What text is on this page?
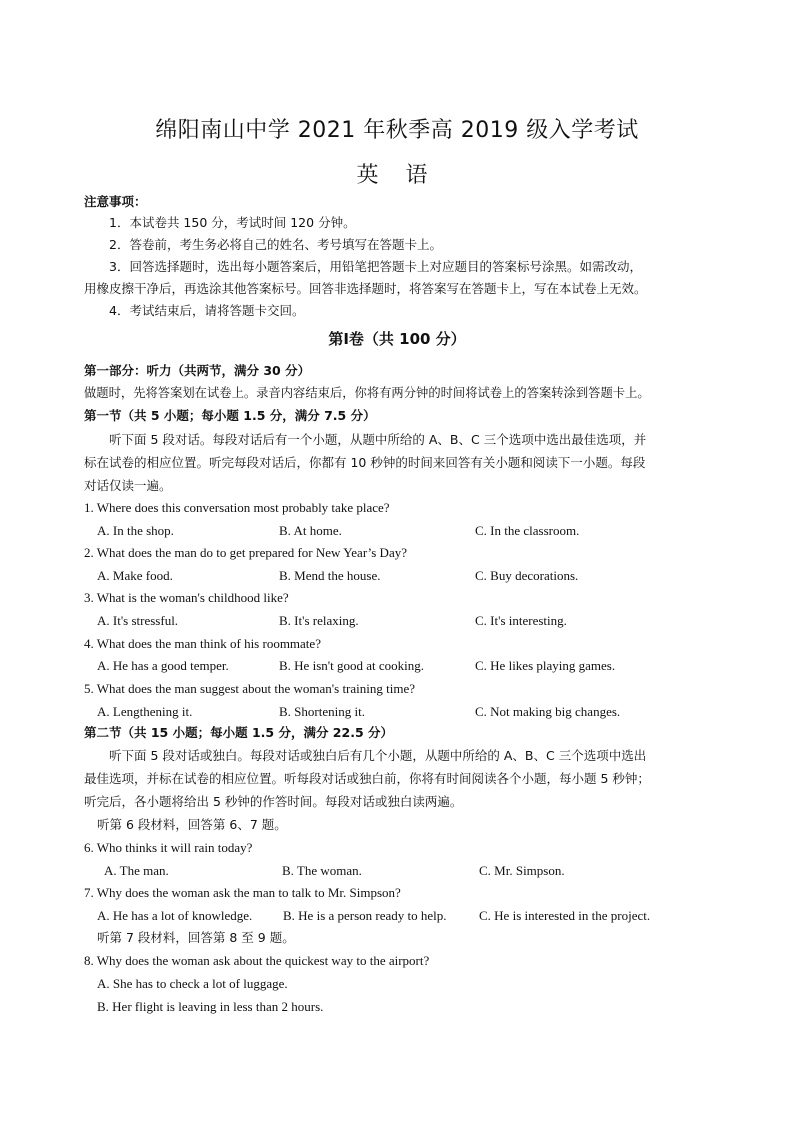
绵阳南山中学 2021 年秋季高 2019 级入学考试
英 语
注意事项：
1．本试卷共 150 分，考试时间 120 分钟。
2．答卷前，考生务必将自己的姓名、考号填写在答题卡上。
3．回答选择题时，选出每小题答案后，用铅笔把答题卡上对应题目的答案标号涂黑。如需改动，
用橡皮擦干净后，再选涂其他答案标号。回答非选择题时，将答案写在答题卡上，写在本试卷上无效。
4．考试结束后，请将答题卡交回。
第Ⅰ卷（共 100 分）
第一部分：听力（共两节，满分 30 分）
做题时，先将答案划在试卷上。录音内容结束后，你将有两分钟的时间将试卷上的答案转涂到答题卡上。
第一节（共 5 小题；每小题 1.5 分，满分 7.5 分）
听下面 5 段对话。每段对话后有一个小题，从题中所给的 A、B、C 三个选项中选出最佳选项，并
标在试卷的相应位置。听完每段对话后，你都有 10 秒钟的时间来回答有关小题和阅读下一小题。每段
对话仅读一遍。
1. Where does this conversation most probably take place?
A. In the shop.	B. At home.	C. In the classroom.
2. What does the man do to get prepared for New Year’s Day?
A. Make food.	B. Mend the house.	C. Buy decorations.
3. What is the woman's childhood like?
A. It's stressful.	B. It's relaxing.	C. It's interesting.
4. What does the man think of his roommate?
A. He has a good temper.	B. He isn't good at cooking.	C. He likes playing games.
5. What does the man suggest about the woman's training time?
A. Lengthening it.	B. Shortening it.	C. Not making big changes.
第二节（共 15 小题；每小题 1.5 分，满分 22.5 分）
听下面 5 段对话或独白。每段对话或独白后有几个小题，从题中所给的 A、B、C 三个选项中选出
最佳选项，并标在试卷的相应位置。听每段对话或独白前，你将有时间阅读各个小题，每小题 5 秒钟；
听完后，各小题将给出 5 秒钟的作答时间。每段对话或独白读两遍。
听第 6 段材料，回答第 6、7 题。
6. Who thinks it will rain today?
A. The man.	B. The woman.	C. Mr. Simpson.
7. Why does the woman ask the man to talk to Mr. Simpson?
A. He has a lot of knowledge. B. He is a person ready to help. C. He is interested in the project.
听第 7 段材料，回答第 8 至 9 题。
8. Why does the woman ask about the quickest way to the airport?
A. She has to check a lot of luggage.
B. Her flight is leaving in less than 2 hours.
